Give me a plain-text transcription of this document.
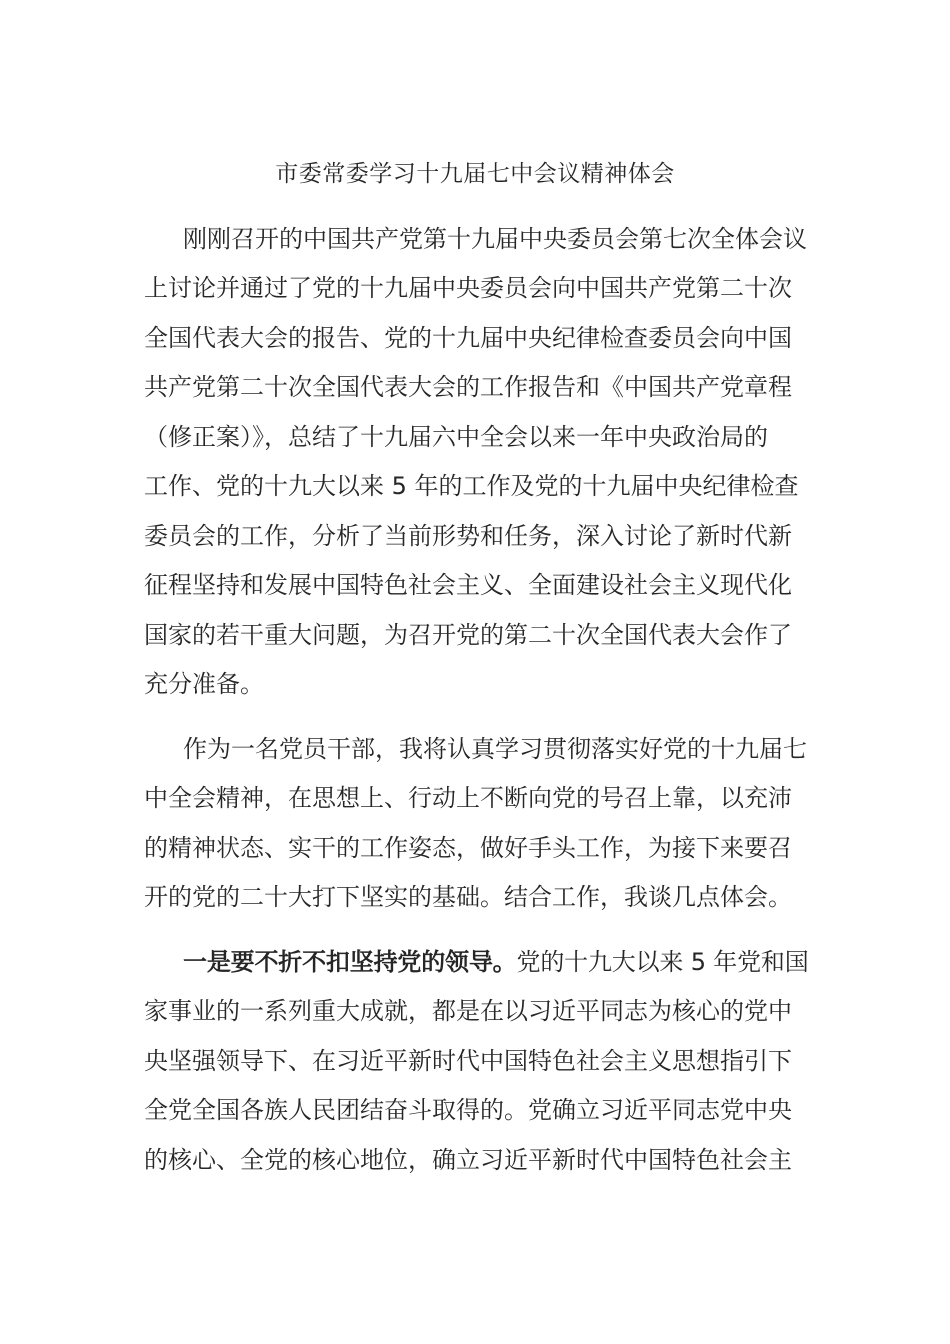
市委常委学习十九届七中会议精神体会
刚刚召开的中国共产党第十九届中央委员会第七次全体会议
上讨论并通过了党的十九届中央委员会向中国共产党第二十次
全国代表大会的报告、党的十九届中央纪律检查委员会向中国
共产党第二十次全国代表大会的工作报告和《中国共产党章程
（修正案）》，总结了十九届六中全会以来一年中央政治局的
工作、党的十九大以来 5 年的工作及党的十九届中央纪律检查
委员会的工作，分析了当前形势和任务，深入讨论了新时代新
征程坚持和发展中国特色社会主义、全面建设社会主义现代化
国家的若干重大问题，为召开党的第二十次全国代表大会作了
充分准备。
作为一名党员干部，我将认真学习贯彻落实好党的十九届七
中全会精神，在思想上、行动上不断向党的号召上靠，以充沛
的精神状态、实干的工作姿态，做好手头工作，为接下来要召
开的党的二十大打下坚实的基础。结合工作，我谈几点体会。
一是要不折不扣坚持党的领导。党的十九大以来 5 年党和国
家事业的一系列重大成就，都是在以习近平同志为核心的党中
央坚强领导下、在习近平新时代中国特色社会主义思想指引下
全党全国各族人民团结奋斗取得的。党确立习近平同志党中央
的核心、全党的核心地位，确立习近平新时代中国特色社会主
